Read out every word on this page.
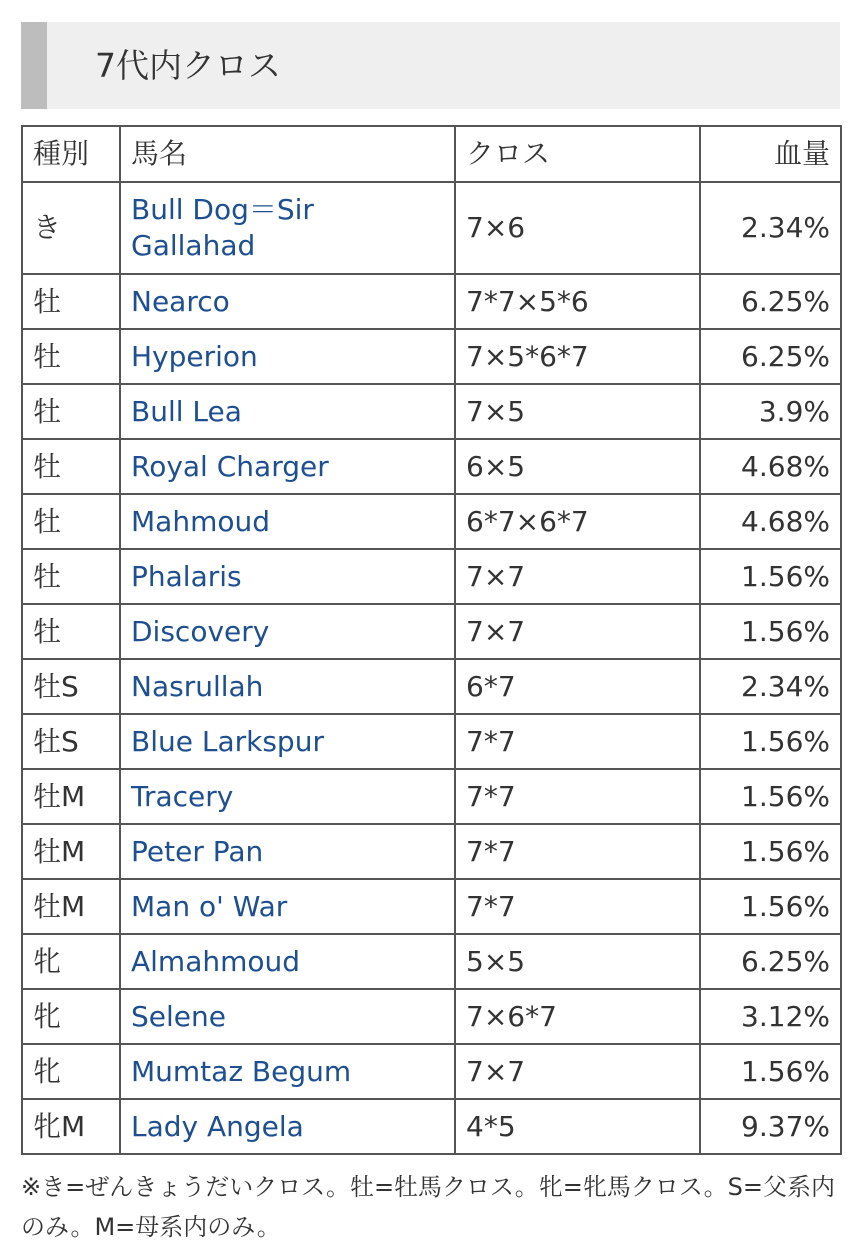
7代内クロス
種別	馬名	クロス	血量
き	Bull Dog＝Sir Gallahad	7×6	2.34%
牡	Nearco	7*7×5*6	6.25%
牡	Hyperion	7×5*6*7	6.25%
牡	Bull Lea	7×5	3.9%
牡	Royal Charger	6×5	4.68%
牡	Mahmoud	6*7×6*7	4.68%
牡	Phalaris	7×7	1.56%
牡	Discovery	7×7	1.56%
牡S	Nasrullah	6*7	2.34%
牡S	Blue Larkspur	7*7	1.56%
牡M	Tracery	7*7	1.56%
牡M	Peter Pan	7*7	1.56%
牡M	Man o' War	7*7	1.56%
牝	Almahmoud	5×5	6.25%
牝	Selene	7×6*7	3.12%
牝	Mumtaz Begum	7×7	1.56%
牝M	Lady Angela	4*5	9.37%
※き=ぜんきょうだいクロス。牡=牡馬クロス。牝=牝馬クロス。S=父系内のみ。M=母系内のみ。
